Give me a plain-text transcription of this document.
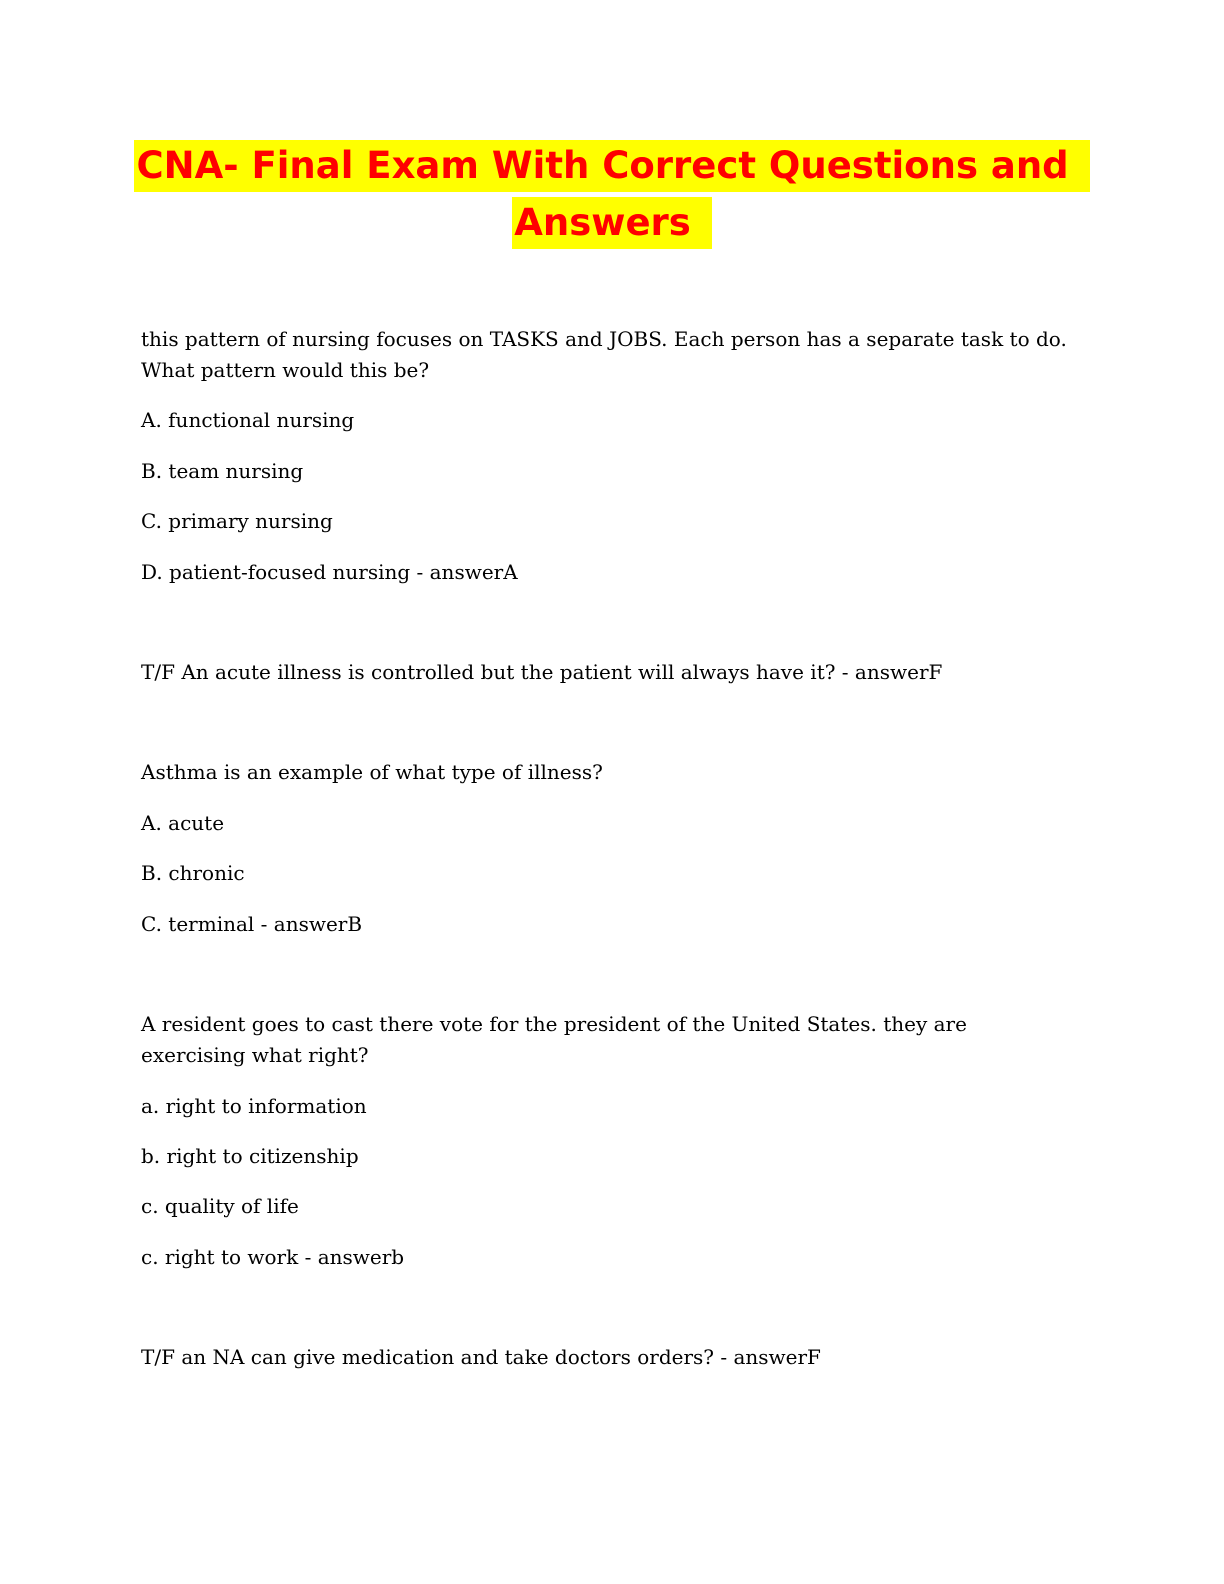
CNA- Final Exam With Correct Questions and
Answers
this pattern of nursing focuses on TASKS and JOBS. Each person has a separate task to do. What pattern would this be?
A. functional nursing
B. team nursing
C. primary nursing
D. patient-focused nursing - answerA
T/F An acute illness is controlled but the patient will always have it? - answerF
Asthma is an example of what type of illness?
A. acute
B. chronic
C. terminal - answerB
A resident goes to cast there vote for the president of the United States. they are exercising what right?
a. right to information
b. right to citizenship
c. quality of life
c. right to work - answerb
T/F an NA can give medication and take doctors orders? - answerF
